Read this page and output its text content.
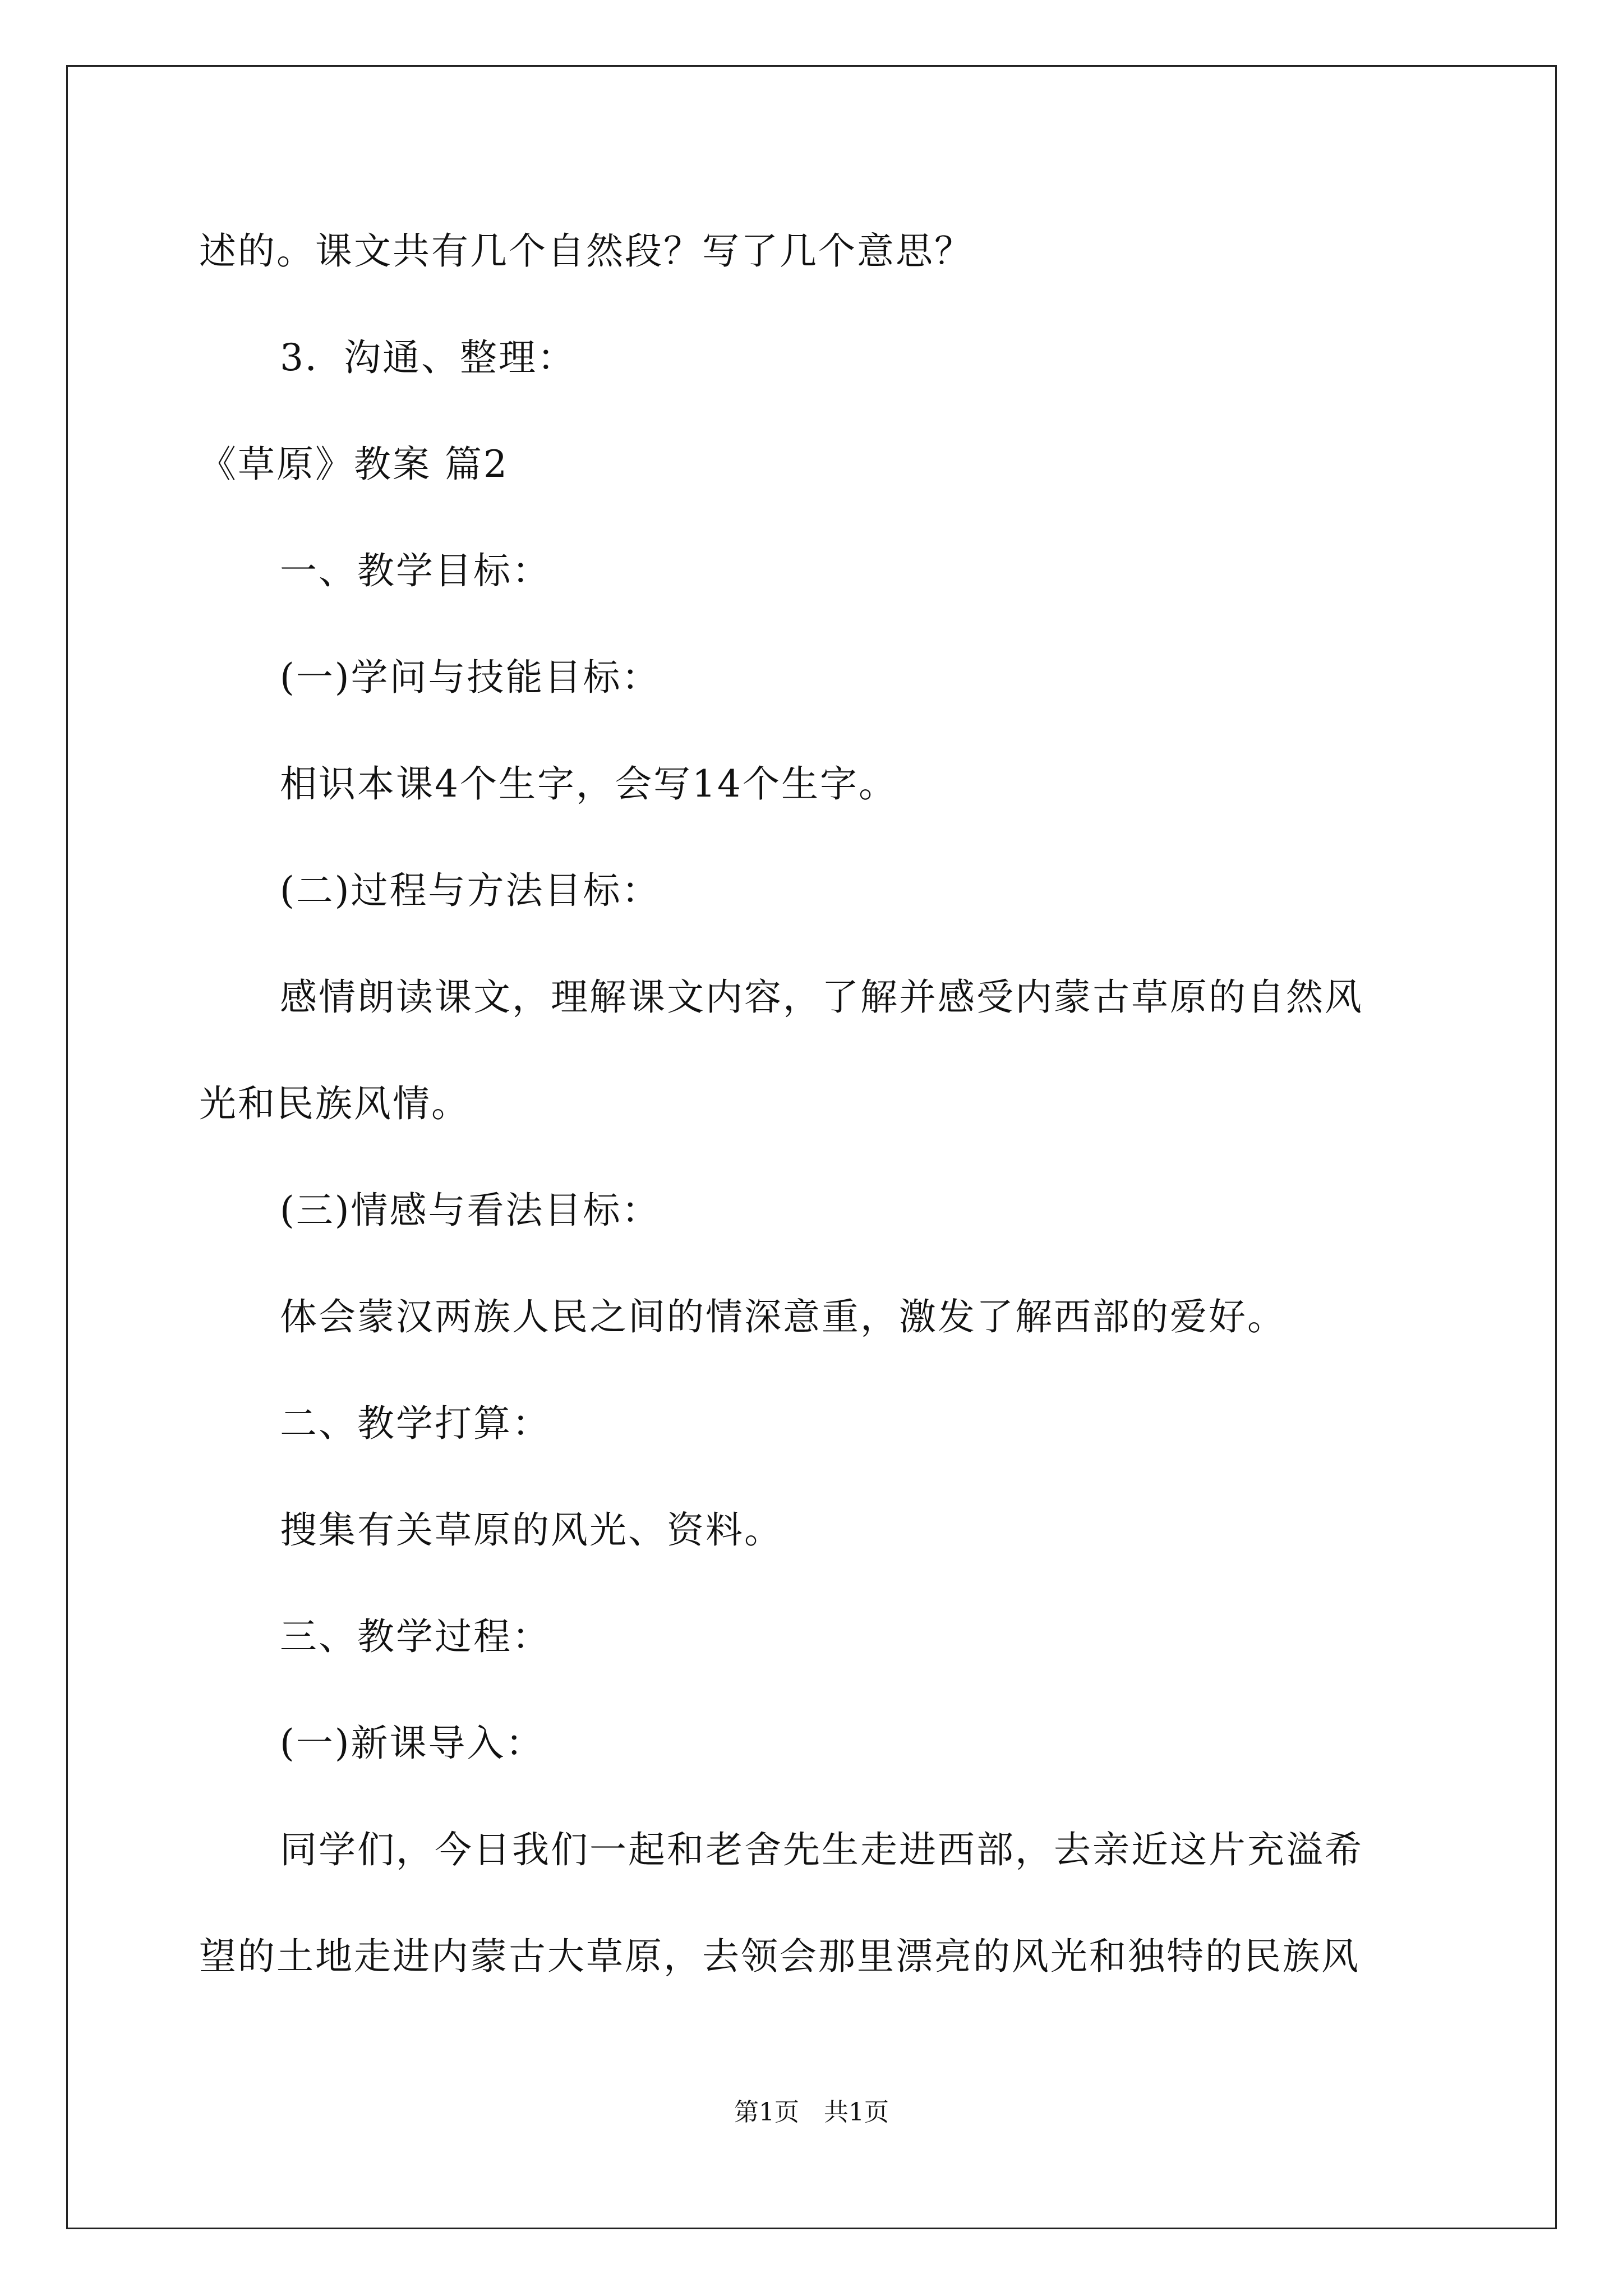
述的。课文共有几个自然段？写了几个意思？
3．沟通、整理：
《草原》教案 篇2
一、教学目标：
(一)学问与技能目标：
相识本课4个生字，会写14个生字。
(二)过程与方法目标：
感情朗读课文，理解课文内容，了解并感受内蒙古草原的自然风
光和民族风情。
(三)情感与看法目标：
体会蒙汉两族人民之间的情深意重，激发了解西部的爱好。
二、教学打算：
搜集有关草原的风光、资料。
三、教学过程：
(一)新课导入：
同学们，今日我们一起和老舍先生走进西部，去亲近这片充溢希
望的土地走进内蒙古大草原，去领会那里漂亮的风光和独特的民族风
第1页　共1页
